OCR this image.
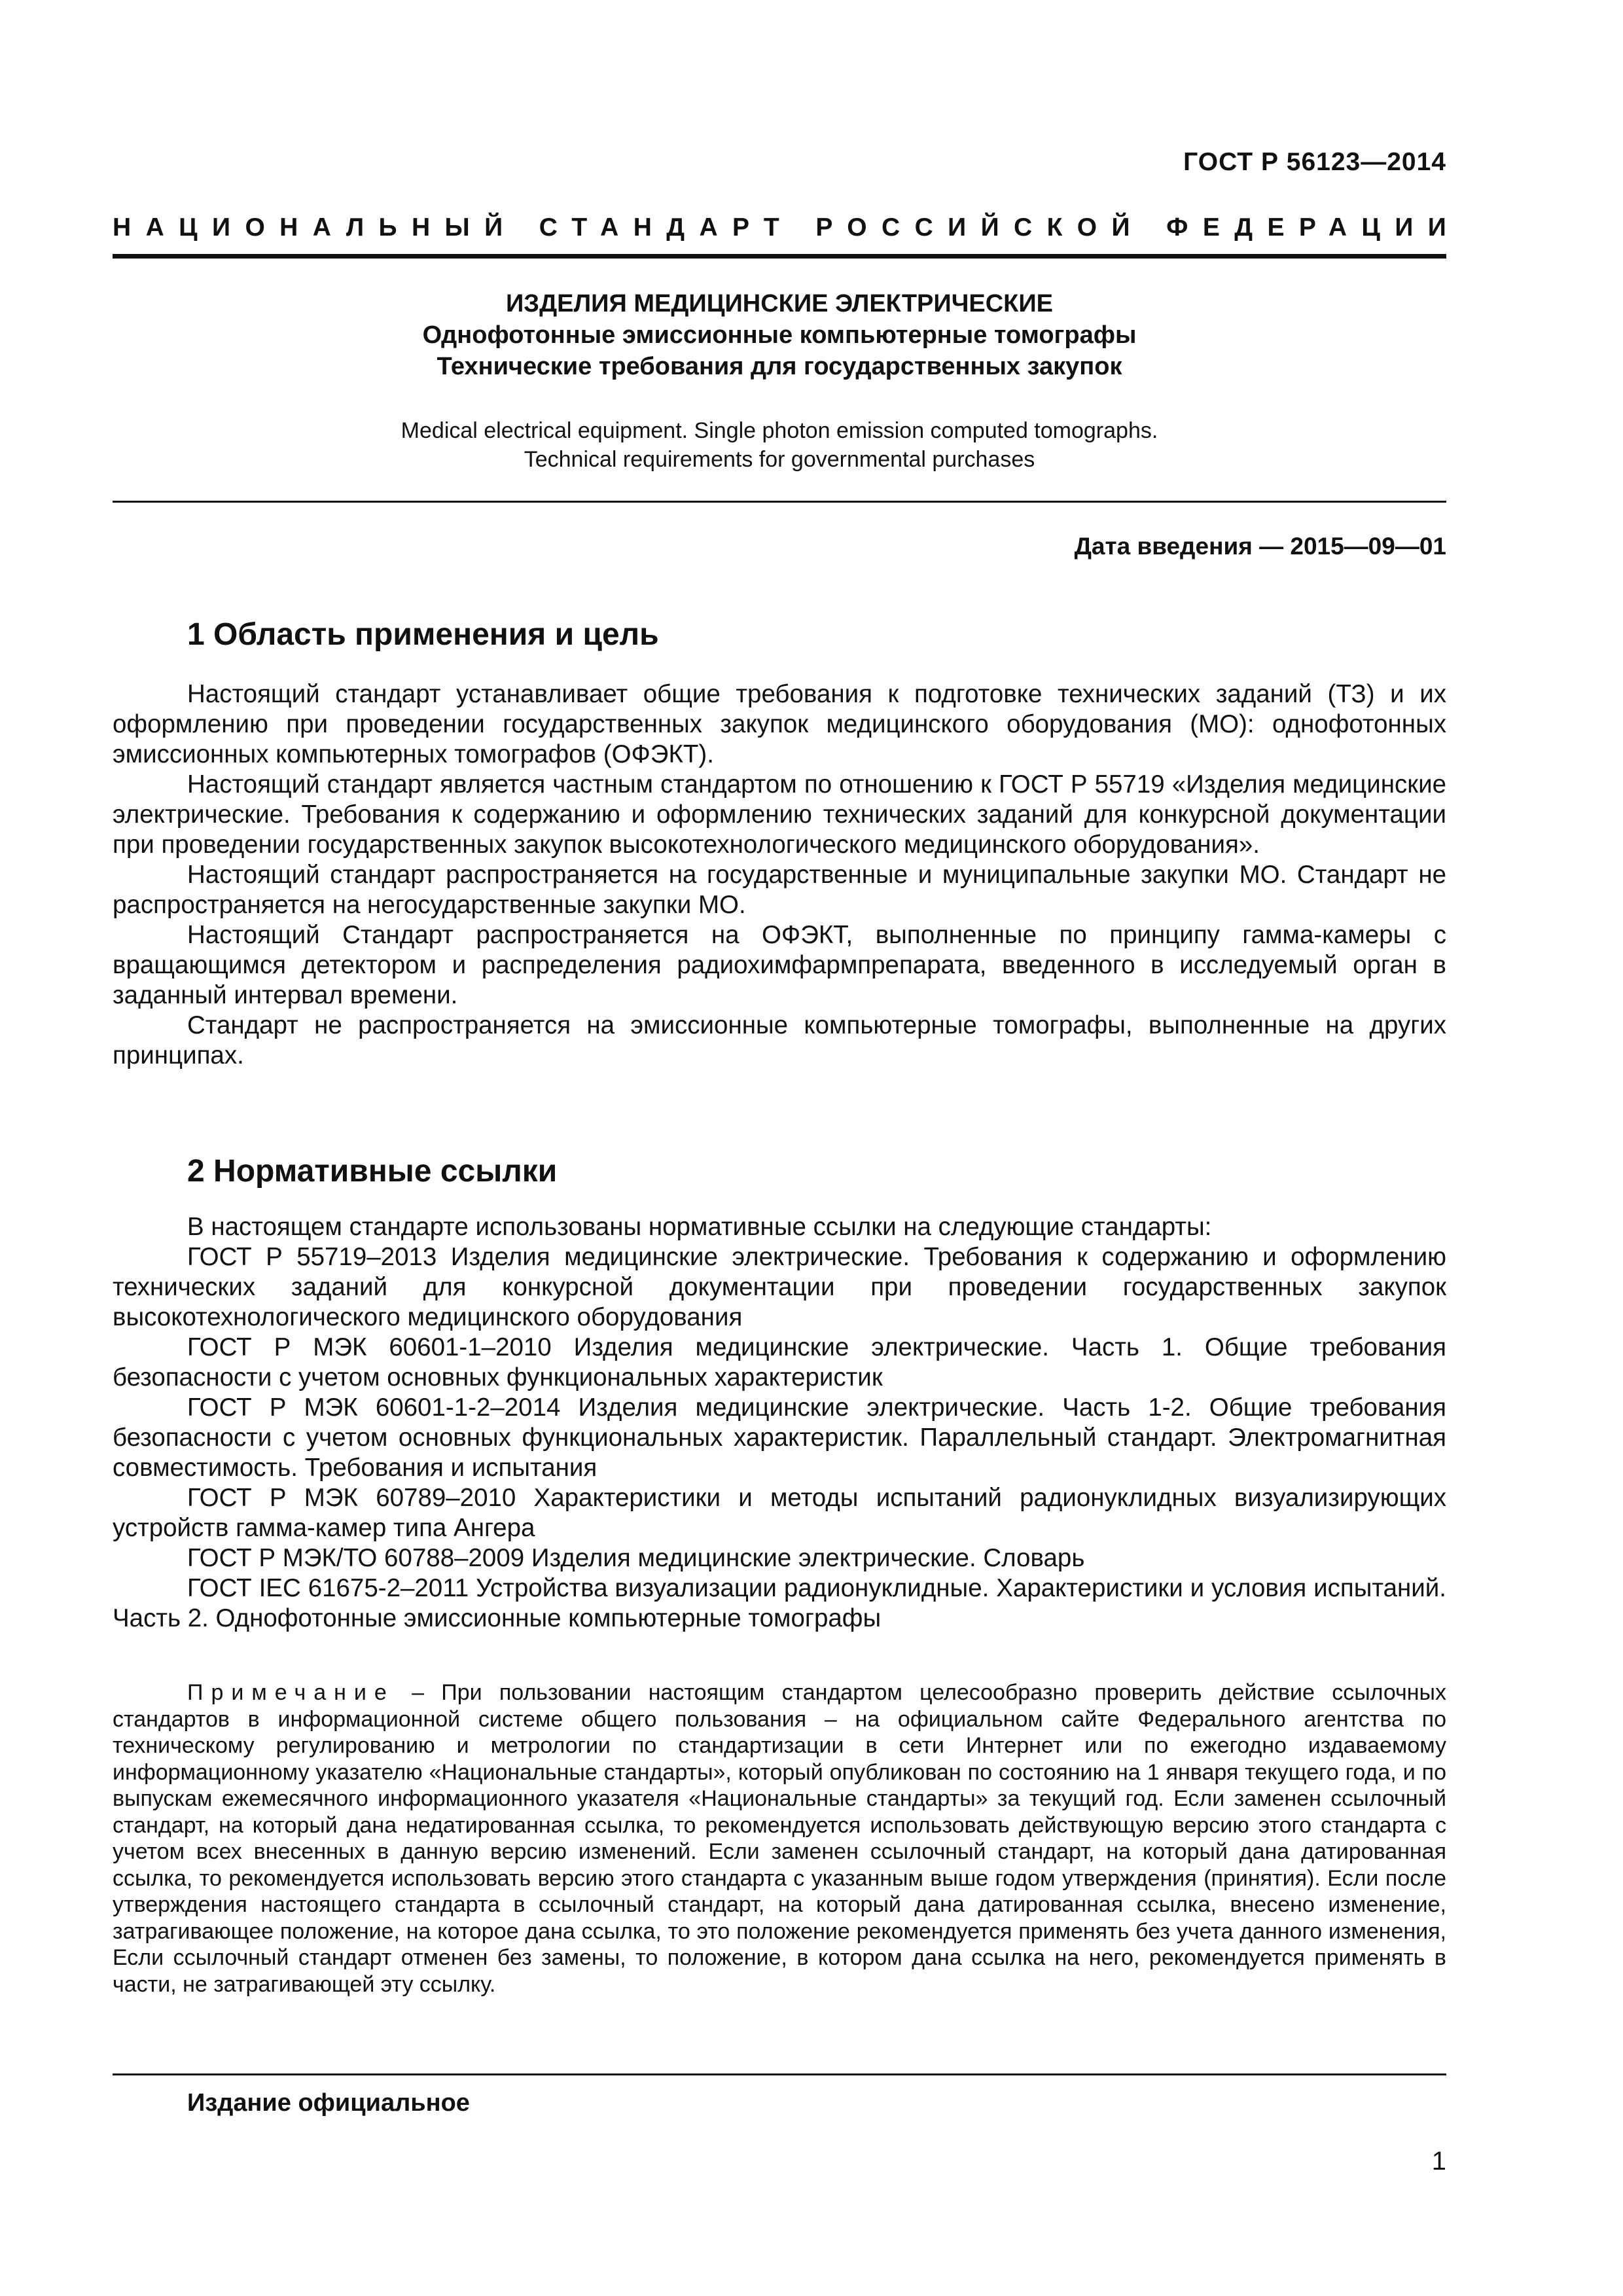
ГОСТ Р 56123—2014
НАЦИОНАЛЬНЫЙ СТАНДАРТ РОССИЙСКОЙ ФЕДЕРАЦИИ
ИЗДЕЛИЯ МЕДИЦИНСКИЕ ЭЛЕКТРИЧЕСКИЕ
Однофотонные эмиссионные компьютерные томографы
Технические требования для государственных закупок
Medical electrical equipment. Single photon emission computed tomographs.
Technical requirements for governmental purchases
Дата введения — 2015—09—01
1 Область применения и цель

Настоящий стандарт устанавливает общие требования к подготовке технических заданий (ТЗ) и их оформлению при проведении государственных закупок медицинского оборудования (МО): однофотонных эмиссионных компьютерных томографов (ОФЭКТ).

Настоящий стандарт является частным стандартом по отношению к ГОСТ Р 55719 «Изделия медицинские электрические. Требования к содержанию и оформлению технических заданий для конкурсной документации при проведении государственных закупок высокотехнологического медицинского оборудования».

Настоящий стандарт распространяется на государственные и муниципальные закупки МО. Стандарт не распространяется на негосударственные закупки МО.

Настоящий Стандарт распространяется на ОФЭКТ, выполненные по принципу гамма-камеры с вращающимся детектором и распределения радиохимфармпрепарата, введенного в исследуемый орган в заданный интервал времени.

Стандарт не распространяется на эмиссионные компьютерные томографы, выполненные на других принципах.

2 Нормативные ссылки

В настоящем стандарте использованы нормативные ссылки на следующие стандарты:

ГОСТ Р 55719–2013 Изделия медицинские электрические. Требования к содержанию и оформлению технических заданий для конкурсной документации при проведении государственных закупок высокотехнологического медицинского оборудования

ГОСТ Р МЭК 60601-1–2010 Изделия медицинские электрические. Часть 1. Общие требования безопасности с учетом основных функциональных характеристик

ГОСТ Р МЭК 60601-1-2–2014 Изделия медицинские электрические. Часть 1-2. Общие требования безопасности с учетом основных функциональных характеристик. Параллельный стандарт. Электромагнитная совместимость. Требования и испытания

ГОСТ Р МЭК 60789–2010 Характеристики и методы испытаний радионуклидных визуализирующих устройств гамма-камер типа Ангера

ГОСТ Р МЭК/ТО 60788–2009 Изделия медицинские электрические. Словарь

ГОСТ IEC 61675-2–2011 Устройства визуализации радионуклидные. Характеристики и условия испытаний. Часть 2. Однофотонные эмиссионные компьютерные томографы

Примечание – При пользовании настоящим стандартом целесообразно проверить действие ссылочных стандартов в информационной системе общего пользования – на официальном сайте Федерального агентства по техническому регулированию и метрологии по стандартизации в сети Интернет или по ежегодно издаваемому информационному указателю «Национальные стандарты», который опубликован по состоянию на 1 января текущего года, и по выпускам ежемесячного информационного указателя «Национальные стандарты» за текущий год. Если заменен ссылочный стандарт, на который дана недатированная ссылка, то рекомендуется использовать действующую версию этого стандарта с учетом всех внесенных в данную версию изменений. Если заменен ссылочный стандарт, на который дана датированная ссылка, то рекомендуется использовать версию этого стандарта с указанным выше годом утверждения (принятия). Если после утверждения настоящего стандарта в ссылочный стандарт, на который дана датированная ссылка, внесено изменение, затрагивающее положение, на которое дана ссылка, то это положение рекомендуется применять без учета данного изменения, Если ссылочный стандарт отменен без замены, то положение, в котором дана ссылка на него, рекомендуется применять в части, не затрагивающей эту ссылку.

Издание официальное
1
